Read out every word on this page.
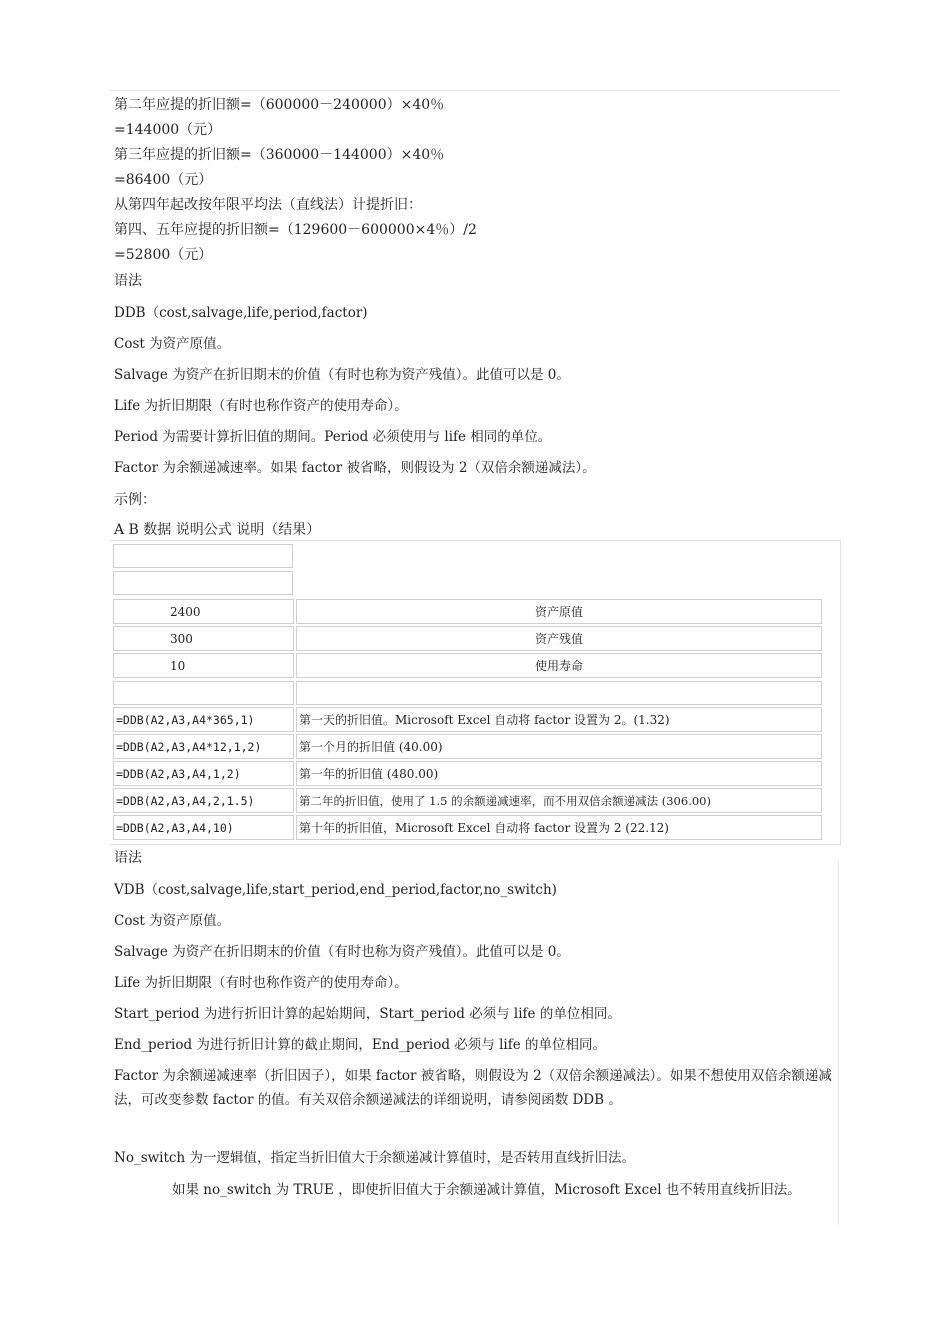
第二年应提的折旧额=（600000－240000）×40％
=144000（元）
第三年应提的折旧额=（360000－144000）×40％
=86400（元）
从第四年起改按年限平均法（直线法）计提折旧：
第四、五年应提的折旧额=（129600－600000×4％）/2
=52800（元）
语法
DDB（cost,salvage,life,period,factor)
Cost 为资产原值。
Salvage 为资产在折旧期末的价值（有时也称为资产残值）。此值可以是 0。
Life 为折旧期限（有时也称作资产的使用寿命）。
Period 为需要计算折旧值的期间。Period 必须使用与 life 相同的单位。
Factor 为余额递减速率。如果 factor 被省略，则假设为 2（双倍余额递减法）。
示例：
A B 数据 说明公式 说明（结果）
2400	资产原值
300	资产残值
10	使用寿命
=DDB(A2,A3,A4*365,1)	第一天的折旧值。Microsoft Excel 自动将 factor 设置为 2。(1.32)
=DDB(A2,A3,A4*12,1,2)	第一个月的折旧值 (40.00)
=DDB(A2,A3,A4,1,2)	第一年的折旧值 (480.00)
=DDB(A2,A3,A4,2,1.5)	第二年的折旧值，使用了 1.5 的余额递减速率，而不用双倍余额递减法 (306.00)
=DDB(A2,A3,A4,10)	第十年的折旧值，Microsoft Excel 自动将 factor 设置为 2 (22.12)
语法
VDB（cost,salvage,life,start_period,end_period,factor,no_switch)
Cost 为资产原值。
Salvage 为资产在折旧期末的价值（有时也称为资产残值）。此值可以是 0。
Life 为折旧期限（有时也称作资产的使用寿命）。
Start_period 为进行折旧计算的起始期间，Start_period 必须与 life 的单位相同。
End_period 为进行折旧计算的截止期间，End_period 必须与 life 的单位相同。
Factor 为余额递减速率（折旧因子），如果 factor 被省略，则假设为 2（双倍余额递减法）。如果不想使用双倍余额递减法，可改变参数 factor 的值。有关双倍余额递减法的详细说明，请参阅函数 DDB 。
No_switch 为一逻辑值，指定当折旧值大于余额递减计算值时，是否转用直线折旧法。
如果 no_switch 为 TRUE ，即使折旧值大于余额递减计算值，Microsoft Excel 也不转用直线折旧法。
